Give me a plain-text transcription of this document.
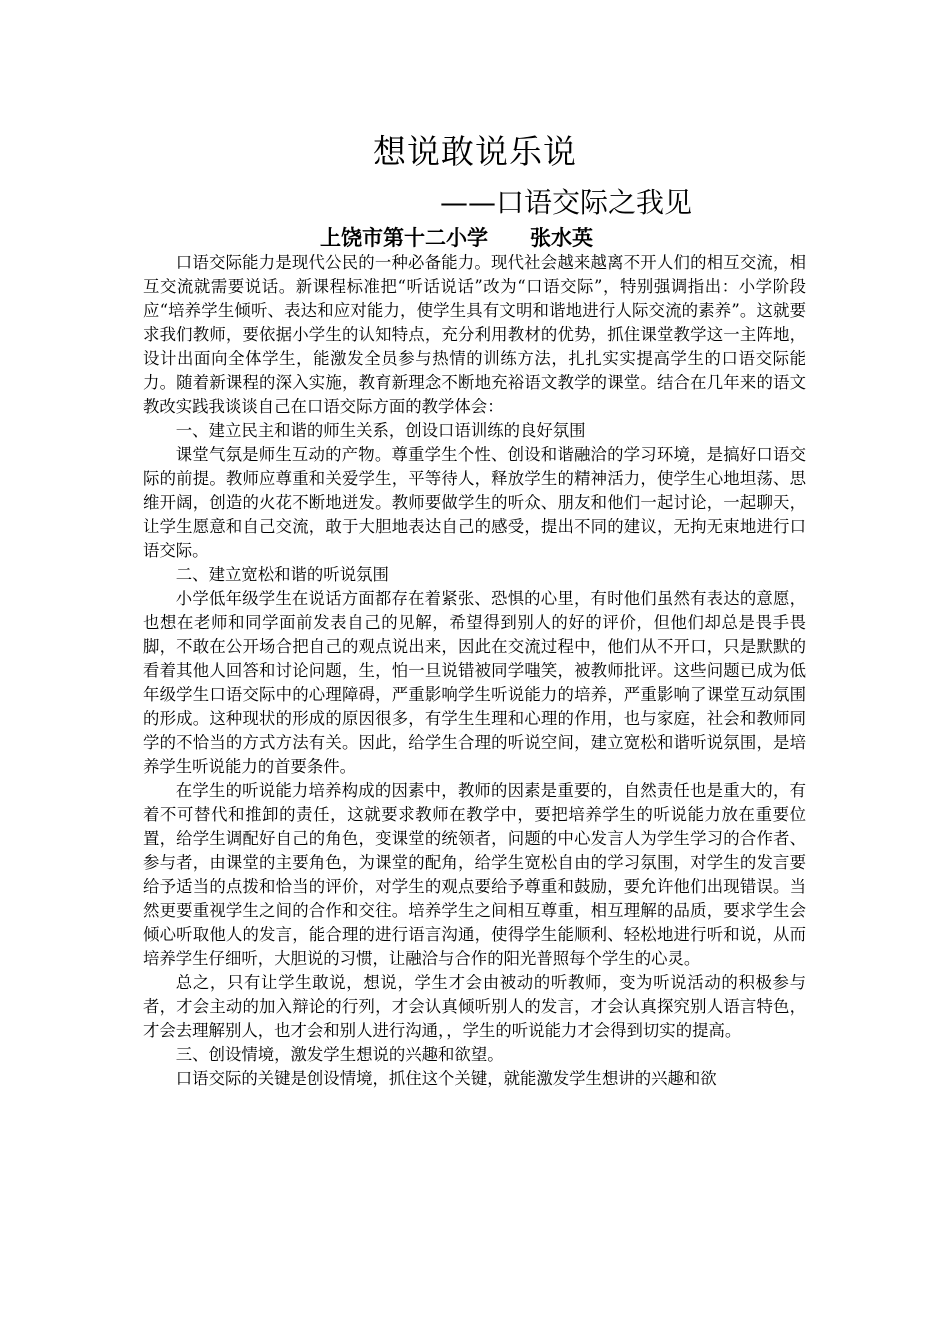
想说敢说乐说
——口语交际之我见
上饶市第十二小学　　张水英

口语交际能力是现代公民的一种必备能力。现代社会越来越离不开人们的相互交流，相互交流就需要说话。新课程标准把“听话说话”改为“口语交际”，特别强调指出：小学阶段应“培养学生倾听、表达和应对能力，使学生具有文明和谐地进行人际交流的素养”。这就要求我们教师，要依据小学生的认知特点，充分利用教材的优势，抓住课堂教学这一主阵地，设计出面向全体学生，能激发全员参与热情的训练方法，扎扎实实提高学生的口语交际能力。随着新课程的深入实施，教育新理念不断地充裕语文教学的课堂。结合在几年来的语文教改实践我谈谈自己在口语交际方面的教学体会：

一、建立民主和谐的师生关系，创设口语训练的良好氛围

课堂气氛是师生互动的产物。尊重学生个性、创设和谐融洽的学习环境，是搞好口语交际的前提。教师应尊重和关爱学生，平等待人，释放学生的精神活力，使学生心地坦荡、思维开阔，创造的火花不断地迸发。教师要做学生的听众、朋友和他们一起讨论，一起聊天，让学生愿意和自己交流，敢于大胆地表达自己的感受，提出不同的建议，无拘无束地进行口语交际。

二、建立宽松和谐的听说氛围

小学低年级学生在说话方面都存在着紧张、恐惧的心里，有时他们虽然有表达的意愿，也想在老师和同学面前发表自己的见解，希望得到别人的好的评价，但他们却总是畏手畏脚，不敢在公开场合把自己的观点说出来，因此在交流过程中，他们从不开口，只是默默的看着其他人回答和讨论问题，生，怕一旦说错被同学嗤笑，被教师批评。这些问题已成为低年级学生口语交际中的心理障碍，严重影响学生听说能力的培养，严重影响了课堂互动氛围的形成。这种现状的形成的原因很多，有学生生理和心理的作用，也与家庭，社会和教师同学的不恰当的方式方法有关。因此，给学生合理的听说空间，建立宽松和谐听说氛围，是培养学生听说能力的首要条件。

在学生的听说能力培养构成的因素中，教师的因素是重要的，自然责任也是重大的，有着不可替代和推卸的责任，这就要求教师在教学中，要把培养学生的听说能力放在重要位置，给学生调配好自己的角色，变课堂的统领者，问题的中心发言人为学生学习的合作者、参与者，由课堂的主要角色，为课堂的配角，给学生宽松自由的学习氛围，对学生的发言要给予适当的点拨和恰当的评价，对学生的观点要给予尊重和鼓励，要允许他们出现错误。当然更要重视学生之间的合作和交往。培养学生之间相互尊重，相互理解的品质，要求学生会倾心听取他人的发言，能合理的进行语言沟通，使得学生能顺利、轻松地进行听和说，从而培养学生仔细听，大胆说的习惯，让融洽与合作的阳光普照每个学生的心灵。

总之，只有让学生敢说，想说，学生才会由被动的听教师，变为听说活动的积极参与者，才会主动的加入辩论的行列，才会认真倾听别人的发言，才会认真探究别人语言特色，才会去理解别人，也才会和别人进行沟通，，学生的听说能力才会得到切实的提高。

三、创设情境，激发学生想说的兴趣和欲望。

口语交际的关键是创设情境，抓住这个关键，就能激发学生想讲的兴趣和欲
